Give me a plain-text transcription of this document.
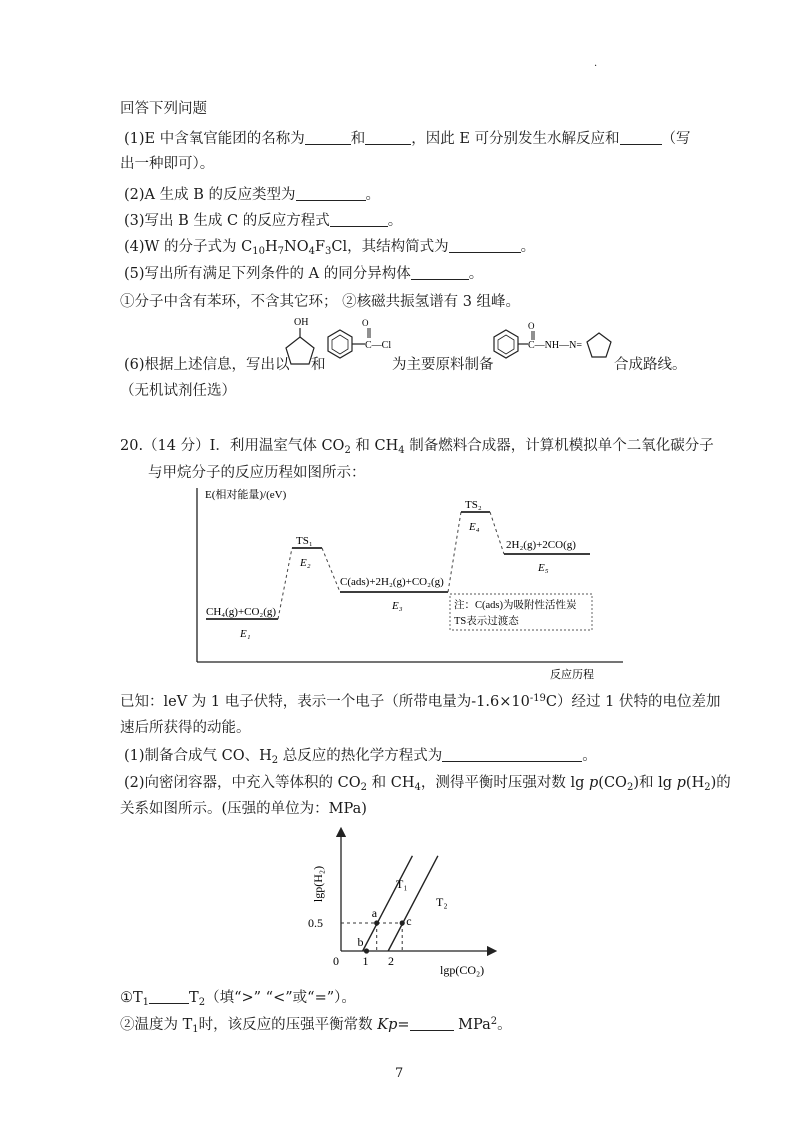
.
回答下列问题
(1)E 中含氧官能团的名称为	和	，因此 E 可分别发生水解反应和	（写
出一种即可）。
(2)A 生成 B 的反应类型为	。
(3)写出 B 生成 C 的反应方程式	。
(4)W 的分子式为 $C_{10}H_7NO_4F_3Cl$，其结构简式为	。
(5)写出所有满足下列条件的 A 的同分异构体	。
①分子中含有苯环，不含其它环； ②核磁共振氢谱有 3 组峰。
(6)根据上述信息，写出以
OH
和
O
C—Cl
为主要原料制备
O
C—NH—N=
合成路线。
（无机试剂任选）
20.（14 分）I．利用温室气体 $CO_2$ 和 $CH_4$ 制备燃料合成器，计算机模拟单个二氧化碳分子
与甲烷分子的反应历程如图所示：
E(相对能量)/(eV)
CH₄(g)+CO₂(g)
E₁
TS₁
E₂
C(ads)+2H₂(g)+CO₂(g)
E₃
TS₂
E₄
2H₂(g)+2CO(g)
E₅
注：C(ads)为吸附性活性炭
TS表示过渡态
反应历程
已知：leV 为 1 电子伏特，表示一个电子（所带电量为$-1.6\times 10^{-19}C$）经过 1 伏特的电位差加
速后所获得的动能。
(1)制备合成气 CO、$H_2$ 总反应的热化学方程式为	。
(2)向密闭容器，中充入等体积的 $CO_2$ 和 $CH_4$，测得平衡时压强对数 $\lg p(CO_2)$和 $\lg p(H_2)$的
关系如图所示。(压强的单位为：MPa)
lgp(H₂)
lgp(CO₂)
T₁
T₂
a
b
c
0 1 2
0.5
$①T_1$	$T_2$（填“>” “<”或“=”）。
②温度为 $T_1$时，该反应的压强平衡常数 Kp=	MPa$^2$。
7
